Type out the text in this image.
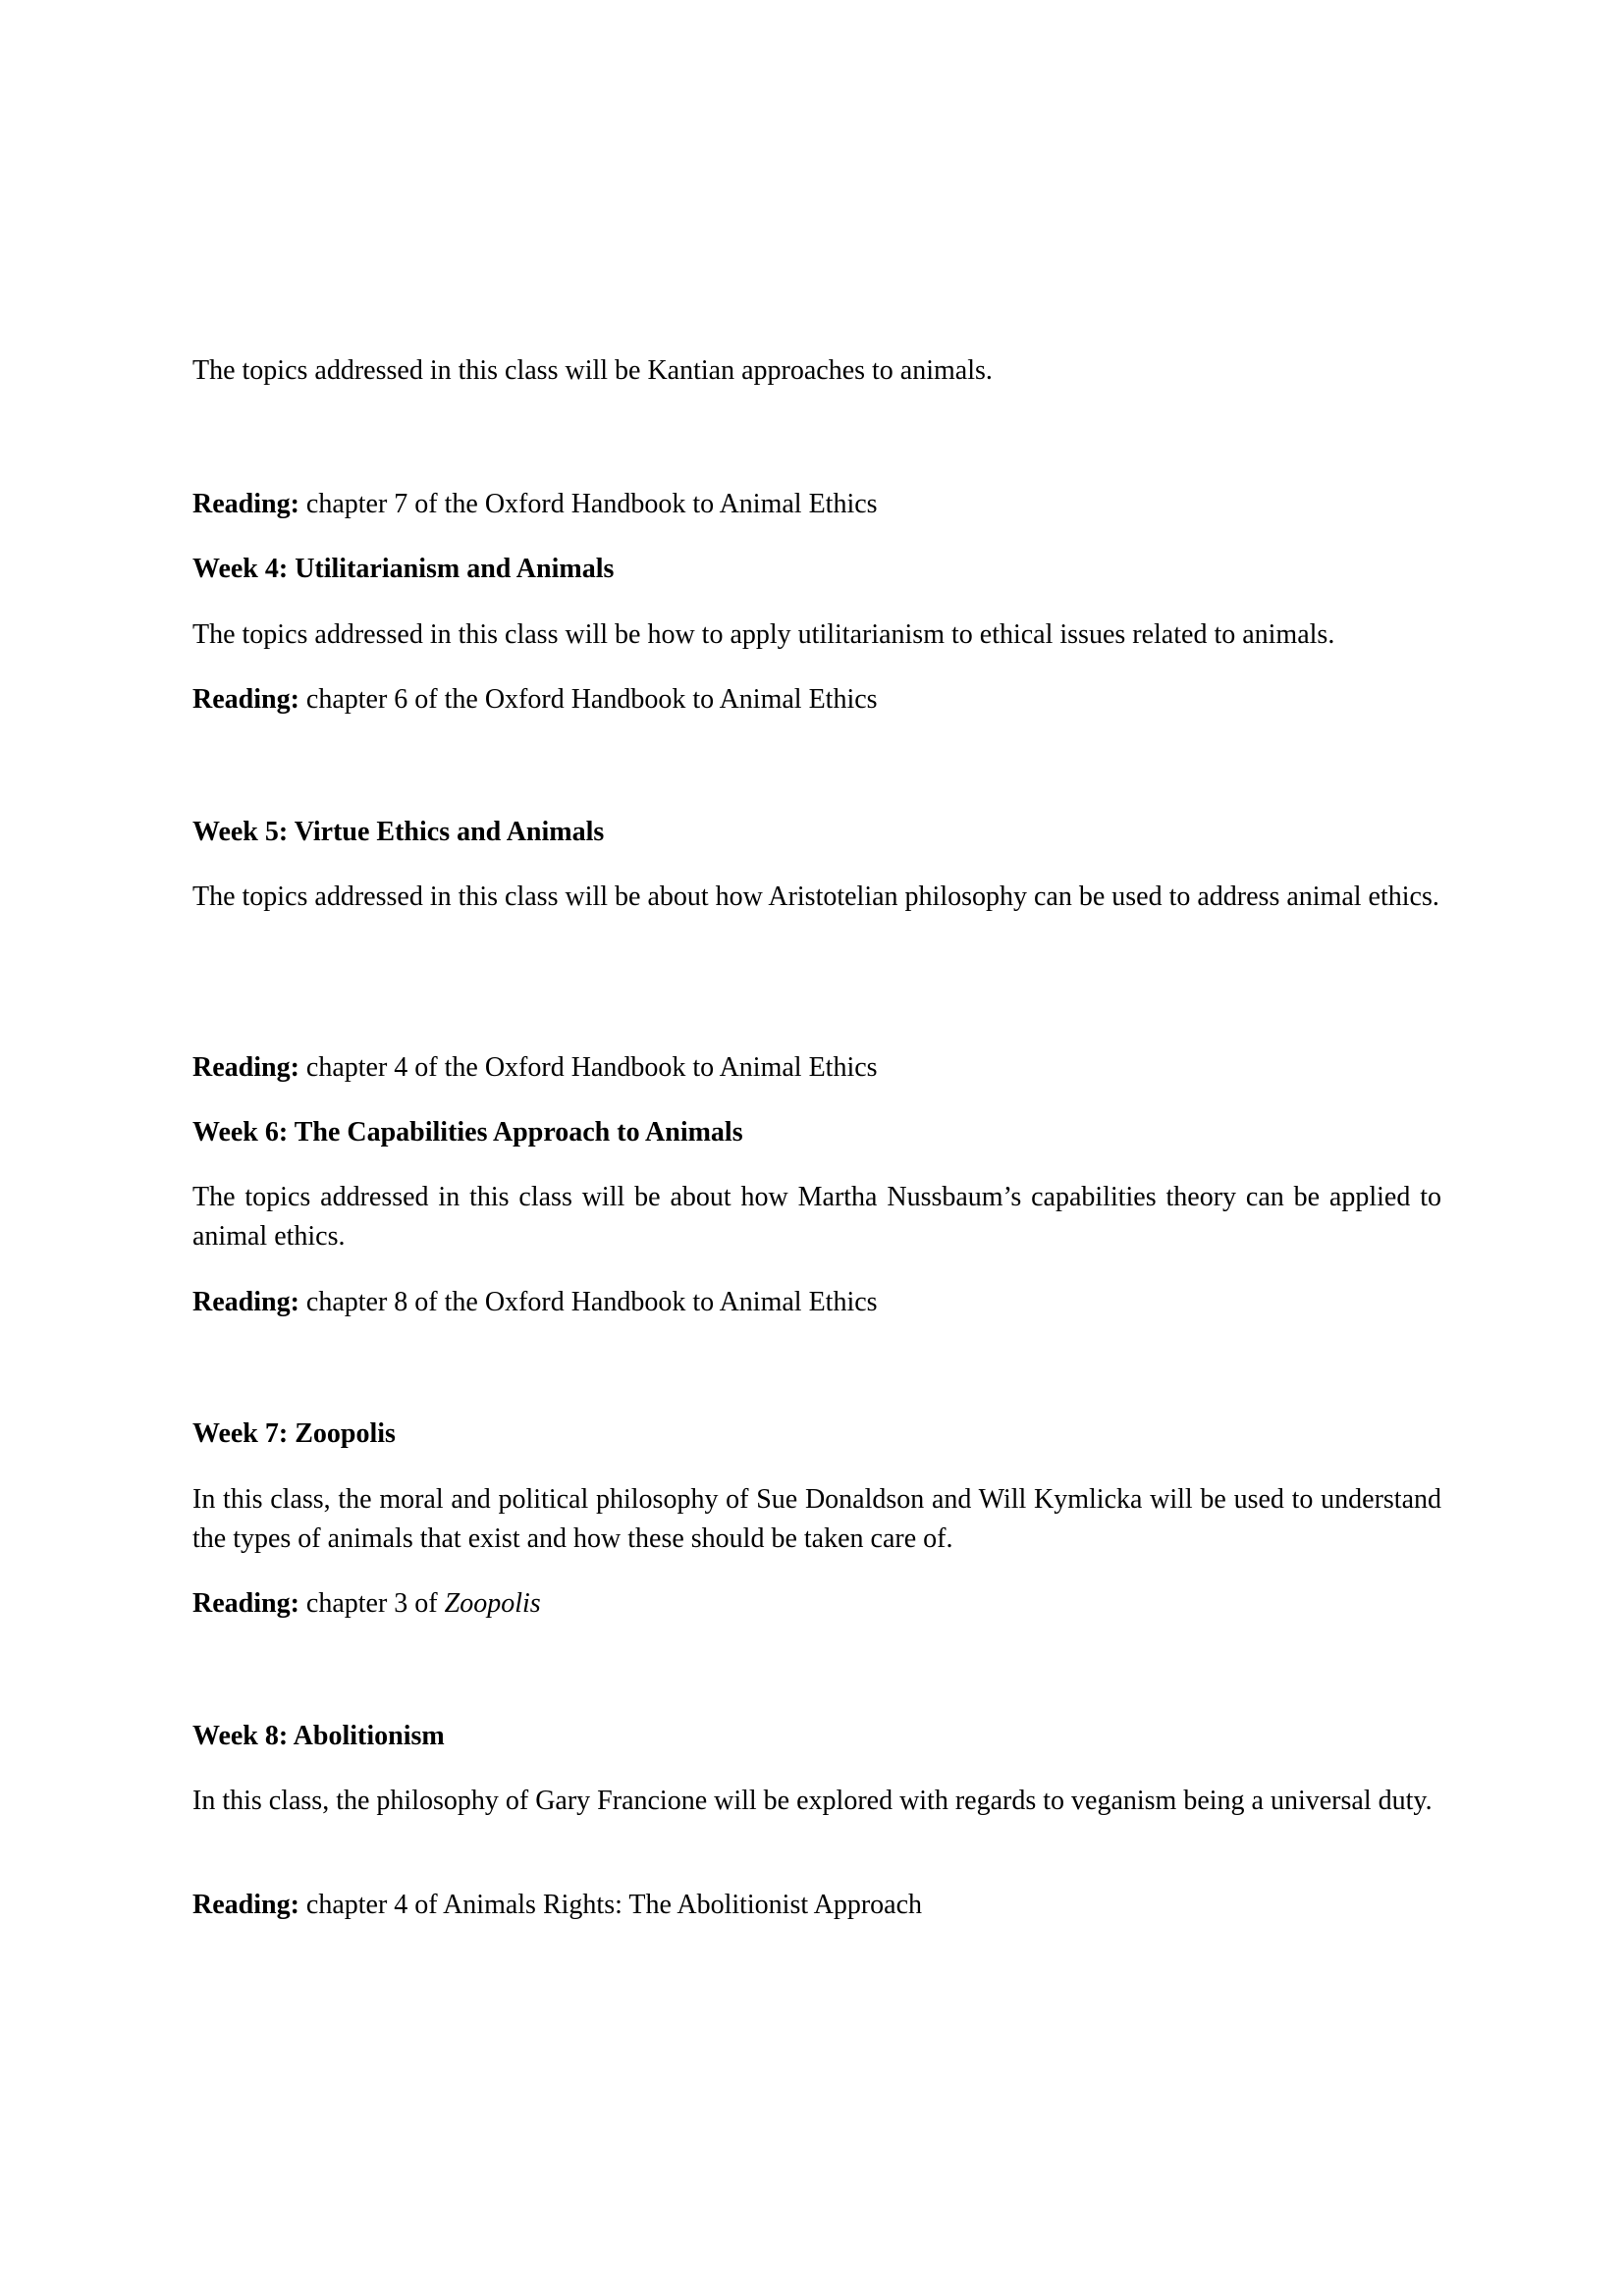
The topics addressed in this class will be Kantian approaches to animals.

Reading: chapter 7 of the Oxford Handbook to Animal Ethics

Week 4: Utilitarianism and Animals

The topics addressed in this class will be how to apply utilitarianism to ethical issues related to animals.

Reading: chapter 6 of the Oxford Handbook to Animal Ethics

Week 5: Virtue Ethics and Animals

The topics addressed in this class will be about how Aristotelian philosophy can be used to address animal ethics.

Reading: chapter 4 of the Oxford Handbook to Animal Ethics

Week 6: The Capabilities Approach to Animals

The topics addressed in this class will be about how Martha Nussbaum’s capabilities theory can be applied to animal ethics.

Reading: chapter 8 of the Oxford Handbook to Animal Ethics

Week 7: Zoopolis

In this class, the moral and political philosophy of Sue Donaldson and Will Kymlicka will be used to understand the types of animals that exist and how these should be taken care of.

Reading: chapter 3 of Zoopolis

Week 8: Abolitionism

In this class, the philosophy of Gary Francione will be explored with regards to veganism being a universal duty.

Reading: chapter 4 of Animals Rights: The Abolitionist Approach
